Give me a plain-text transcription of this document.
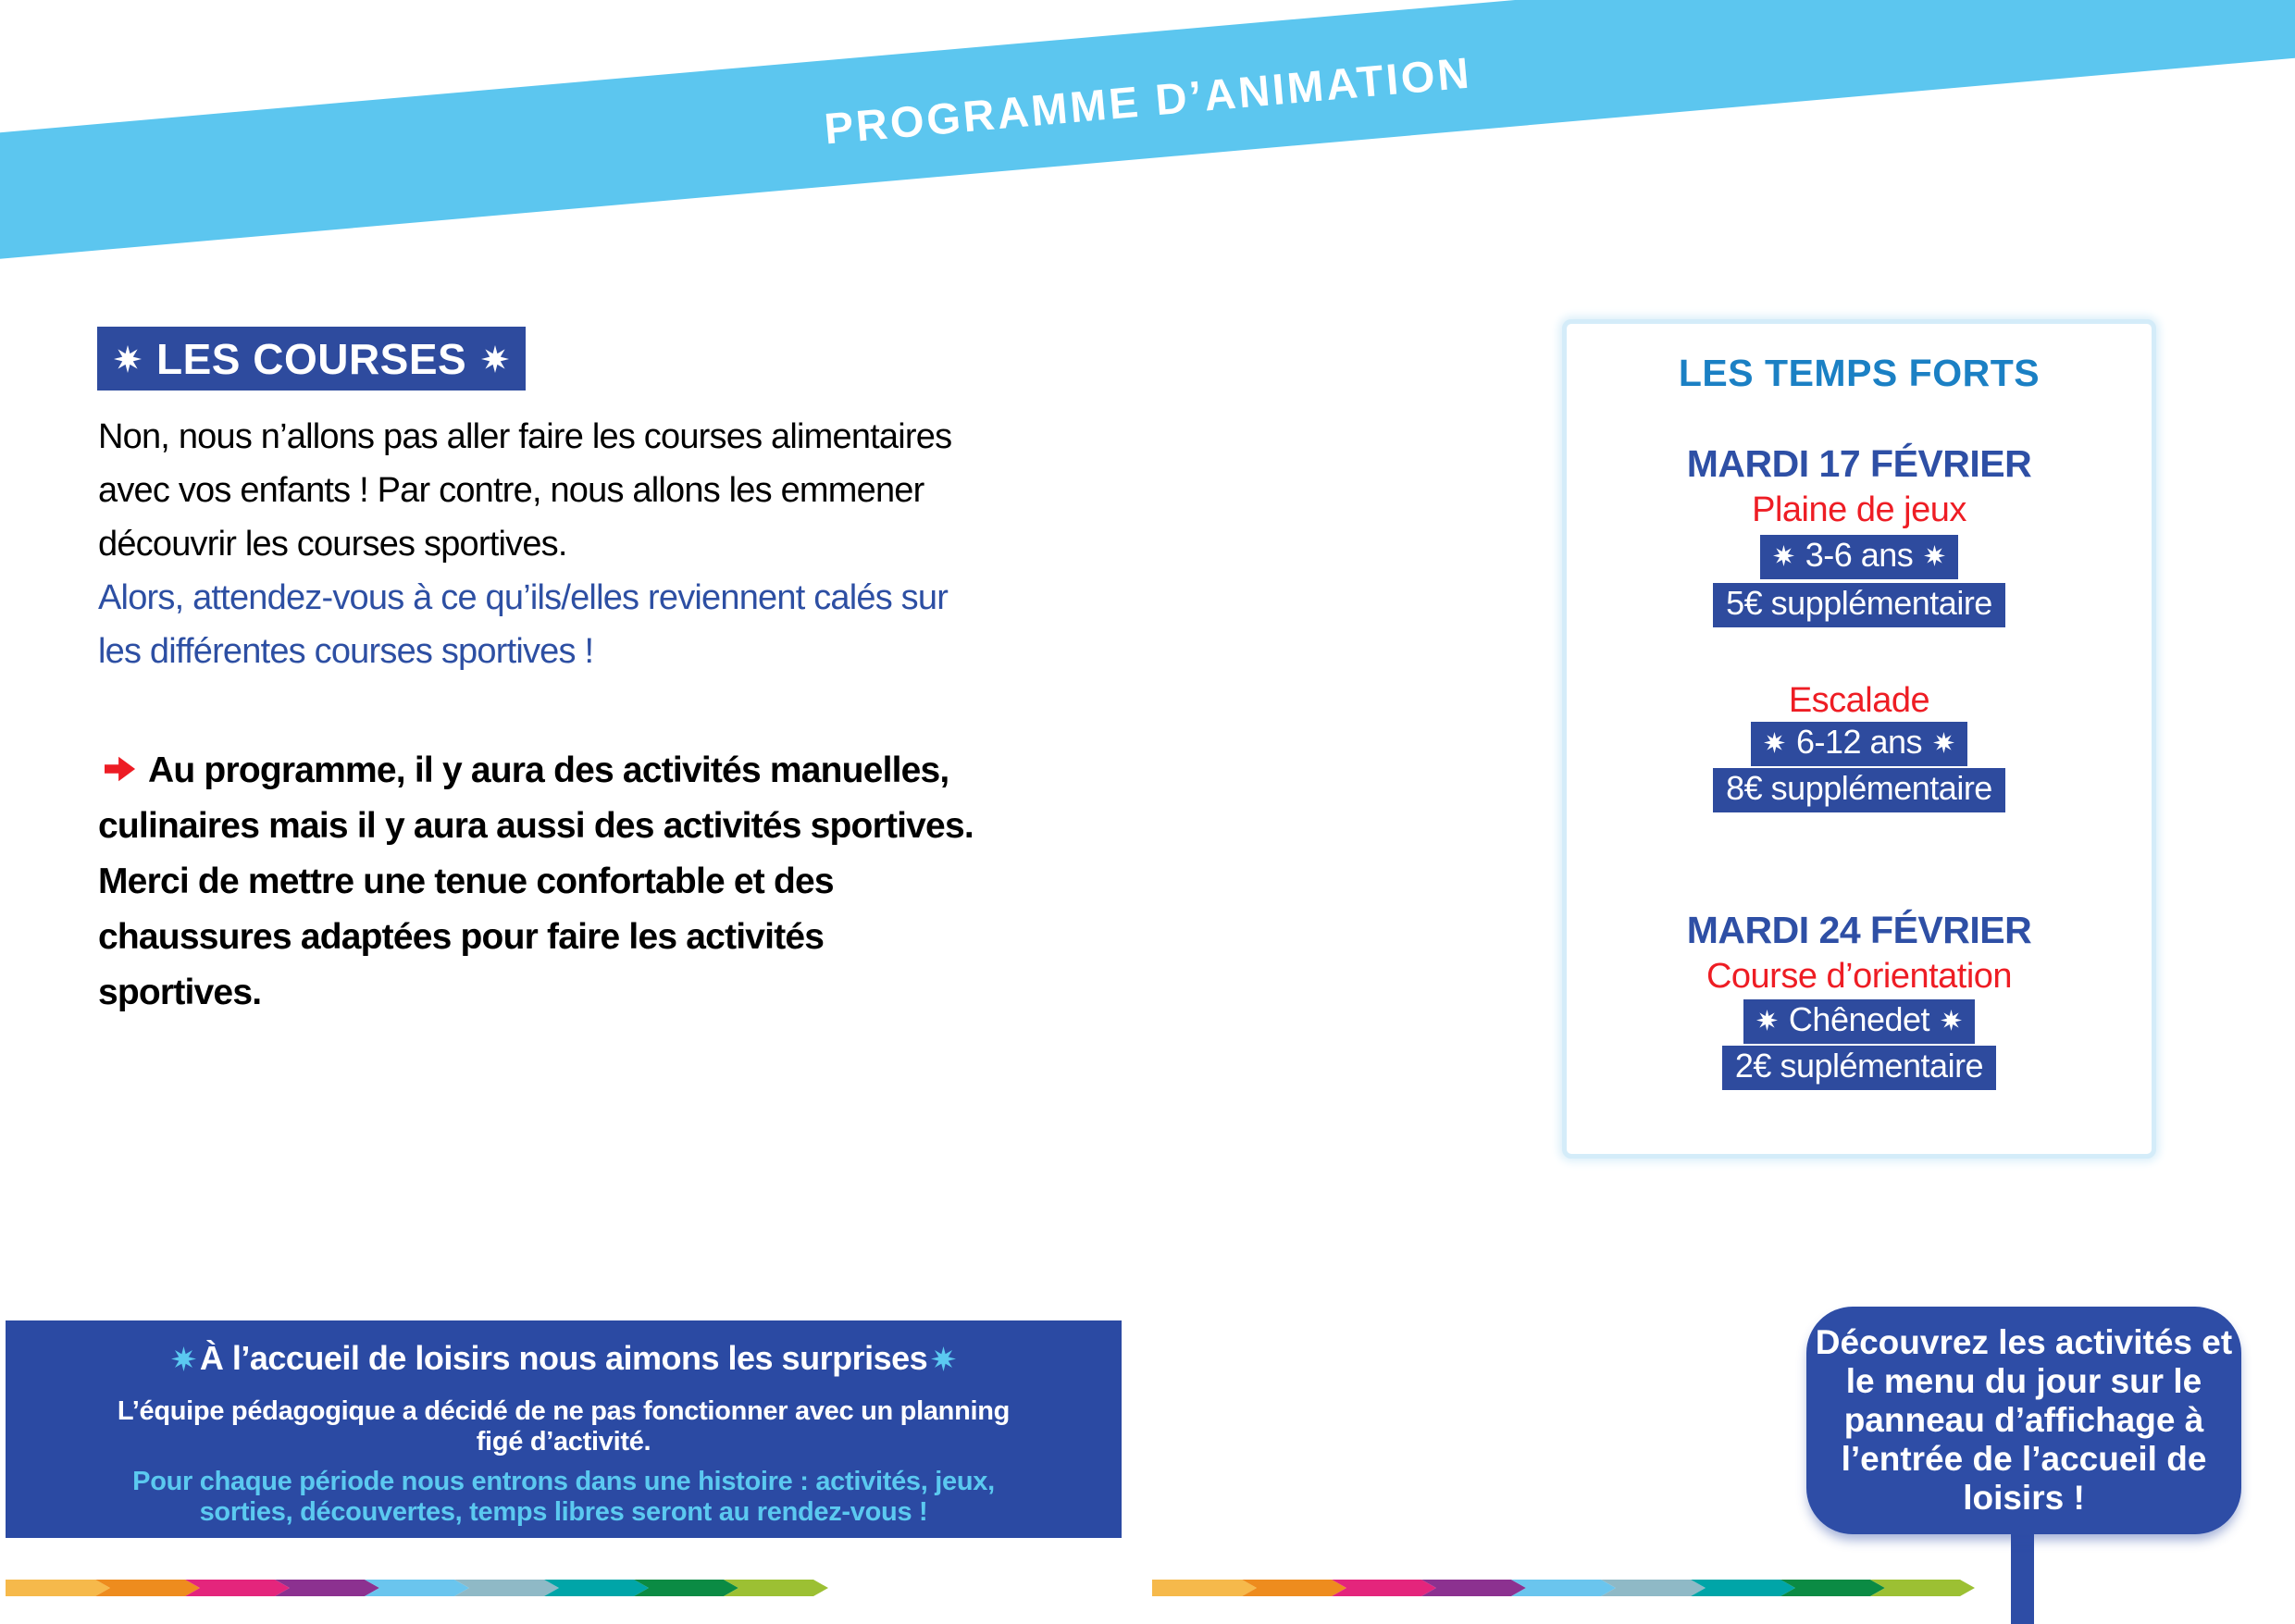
PROGRAMME D’ANIMATION
LES COURSES
Non, nous n’allons pas aller faire les courses alimentaires
avec vos enfants ! Par contre, nous allons les emmener
découvrir les courses sportives.
Alors, attendez-vous à ce qu’ils/elles reviennent calés sur
les différentes courses sportives !
Au programme, il y aura des activités manuelles,
culinaires mais il y aura aussi des activités sportives.
Merci de mettre une tenue confortable et des
chaussures adaptées pour faire les activités
sportives.
LES TEMPS FORTS
MARDI 17 FÉVRIER
Plaine de jeux
3-6 ans
5€ supplémentaire
Escalade
6-12 ans
8€ supplémentaire
MARDI 24 FÉVRIER
Course d’orientation
Chênedet
2€ suplémentaire
À l’accueil de loisirs nous aimons les surprises
L’équipe pédagogique a décidé de ne pas fonctionner avec un planning
figé d’activité.
Pour chaque période nous entrons dans une histoire : activités, jeux,
sorties, découvertes, temps libres seront au rendez-vous !
Découvrez les activités et
le menu du jour sur le
panneau d’affichage à
l’entrée de l’accueil de
loisirs !
